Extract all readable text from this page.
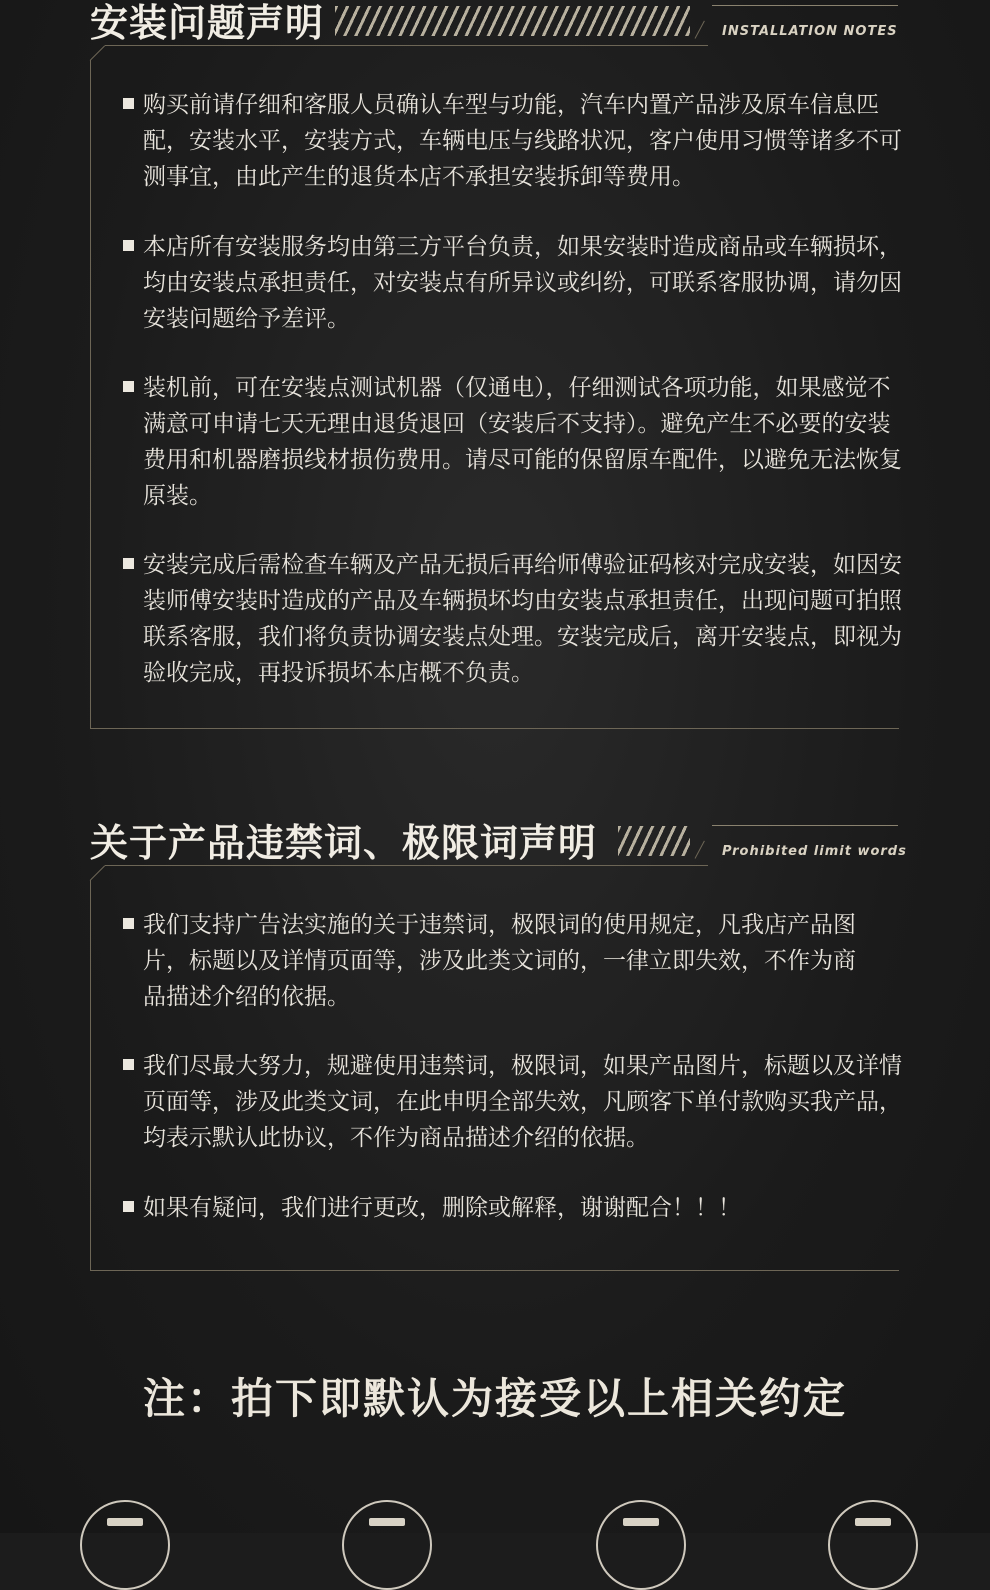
安装问题声明	INSTALLATION NOTES
购买前请仔细和客服人员确认车型与功能，汽车内置产品涉及原车信息匹配，安装水平，安装方式，车辆电压与线路状况，客户使用习惯等诸多不可测事宜，由此产生的退货本店不承担安装拆卸等费用。
本店所有安装服务均由第三方平台负责，如果安装时造成商品或车辆损坏，均由安装点承担责任，对安装点有所异议或纠纷，可联系客服协调，请勿因安装问题给予差评。
装机前，可在安装点测试机器（仅通电），仔细测试各项功能，如果感觉不满意可申请七天无理由退货退回（安装后不支持）。避免产生不必要的安装费用和机器磨损线材损伤费用。请尽可能的保留原车配件，以避免无法恢复原装。
安装完成后需检查车辆及产品无损后再给师傅验证码核对完成安装，如因安装师傅安装时造成的产品及车辆损坏均由安装点承担责任，出现问题可拍照联系客服，我们将负责协调安装点处理。安装完成后，离开安装点，即视为验收完成，再投诉损坏本店概不负责。
关于产品违禁词、极限词声明	Prohibited limit words
我们支持广告法实施的关于违禁词，极限词的使用规定，凡我店产品图片，标题以及详情页面等，涉及此类文词的，一律立即失效，不作为商品描述介绍的依据。
我们尽最大努力，规避使用违禁词，极限词，如果产品图片，标题以及详情页面等，涉及此类文词，在此申明全部失效，凡顾客下单付款购买我产品，均表示默认此协议，不作为商品描述介绍的依据。
如果有疑问，我们进行更改，删除或解释，谢谢配合！！！
注：拍下即默认为接受以上相关约定
